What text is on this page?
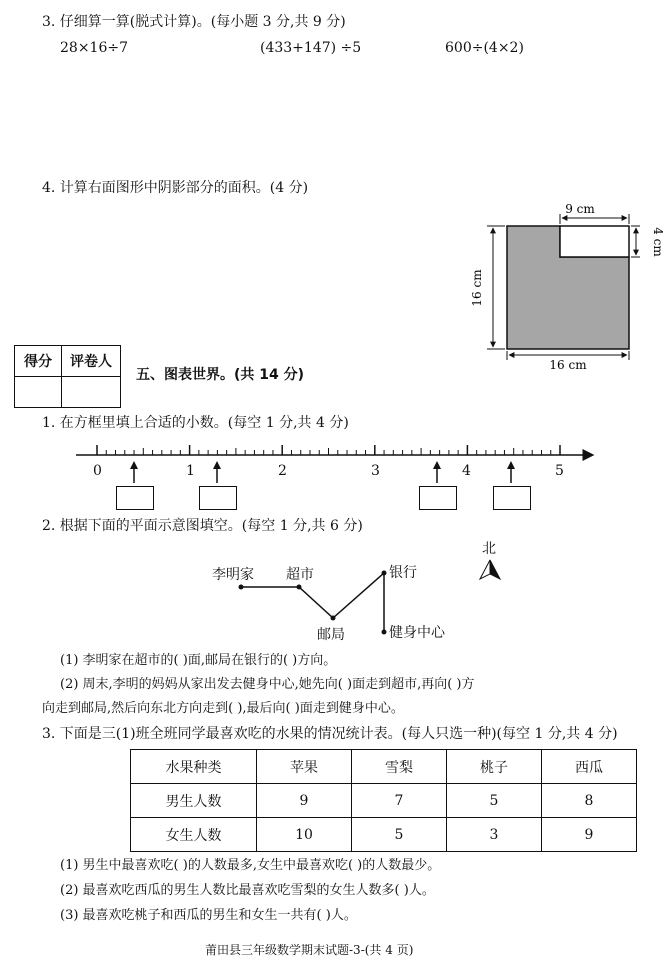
3. 仔细算一算(脱式计算)。(每小题 3 分,共 9 分)
28×16÷7	(433+147) ÷5	600÷(4×2)
4. 计算右面图形中阴影部分的面积。(4 分)
9 cm
4 cm
16 cm
16 cm
得分	评卷人

五、图表世界。(共 14 分)
1. 在方框里填上合适的小数。(每空 1 分,共 4 分)
0	1	2	3	4	5
2. 根据下面的平面示意图填空。(每空 1 分,共 6 分)
北
李明家 超市	银行
邮局	健身中心
(1) 李明家在超市的( )面,邮局在银行的( )方向。
(2) 周末,李明的妈妈从家出发去健身中心,她先向( )面走到超市,再向( )方
向走到邮局,然后向东北方向走到( ),最后向( )面走到健身中心。
3. 下面是三(1)班全班同学最喜欢吃的水果的情况统计表。(每人只选一种)(每空 1 分,共 4 分)
水果种类	苹果	雪梨	桃子	西瓜
男生人数	9	7	5	8
女生人数	10	5	3	9
(1) 男生中最喜欢吃( )的人数最多,女生中最喜欢吃( )的人数最少。
(2) 最喜欢吃西瓜的男生人数比最喜欢吃雪梨的女生人数多( )人。
(3) 最喜欢吃桃子和西瓜的男生和女生一共有( )人。
莆田县三年级数学期末试题-3-(共 4 页)
